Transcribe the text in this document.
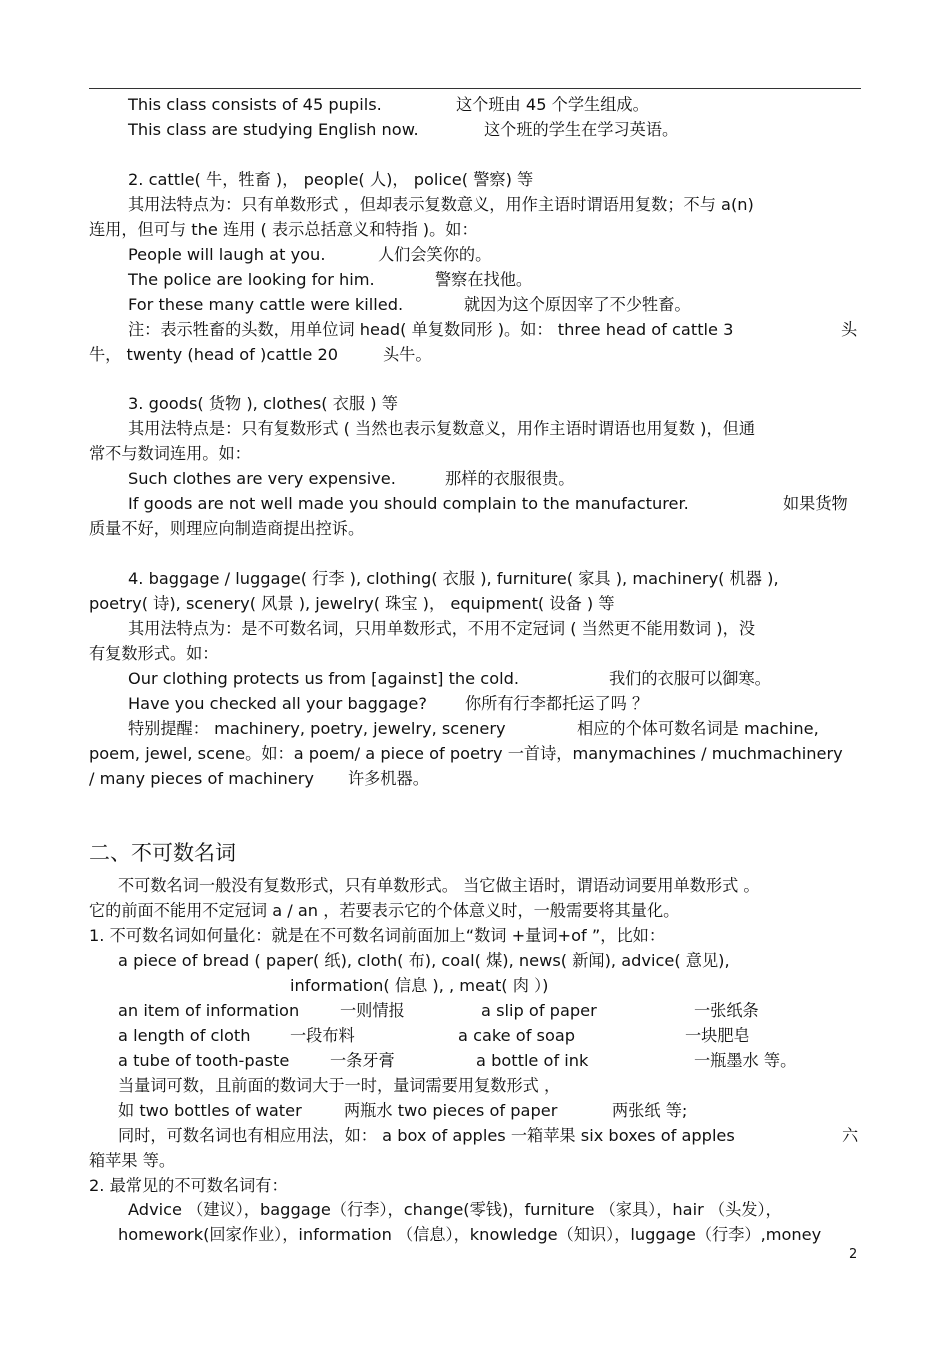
This class consists of 45 pupils.	这个班由 45 个学生组成。
This class are studying English now.	这个班的学生在学习英语。
2. cattle( 牛，牲畜 )， people( 人)， police( 警察) 等
其用法特点为：只有单数形式 ，但却表示复数意义，用作主语时谓语用复数；不与 a(n)
连用，但可与 the 连用 ( 表示总括意义和特指 )。如：
People will laugh at you.	人们会笑你的。
The police are looking for him.	警察在找他。
For these many cattle were killed.	就因为这个原因宰了不少牲畜。
注：表示牲畜的头数，用单位词 head( 单复数同形 )。如： three head of cattle 3	头
牛， twenty (head of )cattle 20	头牛。
3. goods( 货物 ), clothes( 衣服 ) 等
其用法特点是：只有复数形式 ( 当然也表示复数意义，用作主语时谓语也用复数 )，但通
常不与数词连用。如：
Such clothes are very expensive.	那样的衣服很贵。
If goods are not well made you should complain to the manufacturer.	如果货物
质量不好，则理应向制造商提出控诉。
4. baggage / luggage( 行李 ), clothing( 衣服 ), furniture( 家具 ), machinery( 机器 ),
poetry( 诗), scenery( 风景 ), jewelry( 珠宝 )， equipment( 设备 ) 等
其用法特点为：是不可数名词，只用单数形式，不用不定冠词 ( 当然更不能用数词 )，没
有复数形式。如：
Our clothing protects us from [against] the cold.	我们的衣服可以御寒。
Have you checked all your baggage? 你所有行李都托运了吗 ？
特别提醒： machinery, poetry, jewelry, scenery	相应的个体可数名词是 machine,
poem, jewel, scene。如：a poem/ a piece of poetry 一首诗，manymachines / muchmachinery
/ many pieces of machinery 许多机器。
不可数名词一般没有复数形式，只有单数形式。 当它做主语时，谓语动词要用单数形式 。
它的前面不能用不定冠词 a / an ，若要表示它的个体意义时，一般需要将其量化。
1. 不可数名词如何量化：就是在不可数名词前面加上“数词 +量词+of ”，比如：
a piece of bread ( paper( 纸), cloth( 布), coal( 煤), news( 新闻), advice( 意见),
information( 信息 ), , meat( 肉 ）)
an item of information	一则情报	a slip of paper	一张纸条
a length of cloth 一段布料	a cake of soap	一块肥皂
a tube of tooth-paste	一条牙膏	a bottle of ink	一瓶墨水 等。
当量词可数，且前面的数词大于一时，量词需要用复数形式 ，
如 two bottles of water	两瓶水 two pieces of paper	两张纸 等;
同时，可数名词也有相应用法，如： a box of apples 一箱苹果 six boxes of apples	六
箱苹果 等。
2. 最常见的不可数名词有：
Advice （建议），baggage（行李），change(零钱)，furniture （家具），hair （头发），
homework(回家作业），information （信息），knowledge（知识），luggage（行李）,money
二、不可数名词
2
